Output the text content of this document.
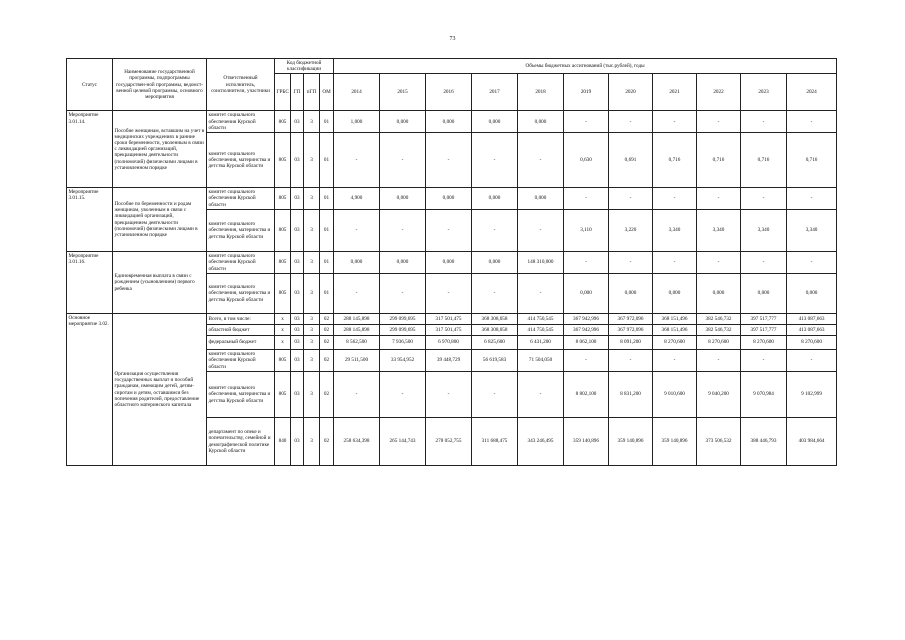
73
Статус	Наименование государственной программы, подпрограммы государствен-ной программы, ведомст-венной целевой программы, основного мероприятия	Ответственный исполнитель, соисполнители, участники	Код бюджетной классификации				Объемы бюджетных ассигнований (тыс.рублей), годы										
			ГРБС	ГП	пГП	ОМ	2014	2015	2016	2017	2018	2019	2020	2021	2022	2023	2024
Мероприятие 3.01.14.	Пособие женщинам, вставшим на учет в медицинских учреждениях в ранние сроки беременности, уволенным в связи с ликвидацией организаций, прекращением деятельности (полномочий) физическими лицами в установленном порядке	комитет социального обеспечения Курской области	805	03	3	01	1,000	0,000	0,000	0,000	0,000	-	-	-	-	-	-
		комитет социального обеспечения, материнства и детства Курской области	805	03	3	01	-	-	-	-	-	0,630	0,691	0,716	0,716	0,716	0,716
Мероприятие 3.01.15.	Пособие по беременности и родам женщинам, уволенным в связи с ликвидацией организаций, прекращением деятельности (полномочий) физическими лицами в установленном порядке	комитет социального обеспечения Курской области	805	03	3	01	4,900	0,000	0,000	0,000	0,000	-	-	-	-	-	-
		комитет социального обеспечения, материнства и детства Курской области	805	03	3	01	-	-	-	-	-	3,110	3,220	3,340	3,340	3,340	3,340
Мероприятие 3.01.16.	Единовременная выплата в связи с рождением (усыновлением) первого ребенка	комитет социального обеспечения Курской области	805	03	3	01	0,000	0,000	0,000	0,000	148 310,000	-	-	-	-	-	-
		комитет социального обеспечения, материнства и детства Курской области	805	03	3	01	-	-	-	-	-	0,000	0,000	0,000	0,000	0,000	0,000
Основное мероприятие 3.02.	Организация осуществления государственных выплат и пособий гражданам, имеющим детей, детям-сиротам и детям, оставшимся без попечения родителей, предоставление областного материнского капитала	Всего, в том числе:	x	03	3	02	288 145,898	299 099,695	317 501,475	368 308,058	414 750,545	367 942,996	367 972,096	368 151,496	382 546,732	397 517,777	413 087,663
		областной бюджет	x	03	3	02	288 145,898	299 099,695	317 501,475	368 308,058	414 750,545	367 942,996	367 972,096	368 151,496	382 546,732	397 517,777	413 087,663
		федеральный бюджет	x	03	3	02	8 562,500	7 936,500	6 970,800	6 825,600	6 431,200	8 062,100	8 091,200	8 270,600	8 270,600	8 270,600	8 270,600
		комитет социального обеспечения Курской области	805	03	3	02	29 511,500	33 954,952	39 448,729	56 619,583	71 504,050	-	-	-	-	-	-
		комитет социального обеспечения, материнства и детства Курской области	805	03	3	02	-	-	-	-	-	8 802,100	8 831,200	9 010,600	9 040,200	9 070,984	9 102,999
		департамент по опеке и попечительству, семейной и демографической политике Курской области	840	03	3	02	258 634,398	265 144,743	278 052,755	311 688,475	343 246,495	359 140,896	359 140,896	359 140,896	373 506,532	388 446,793	403 984,664
